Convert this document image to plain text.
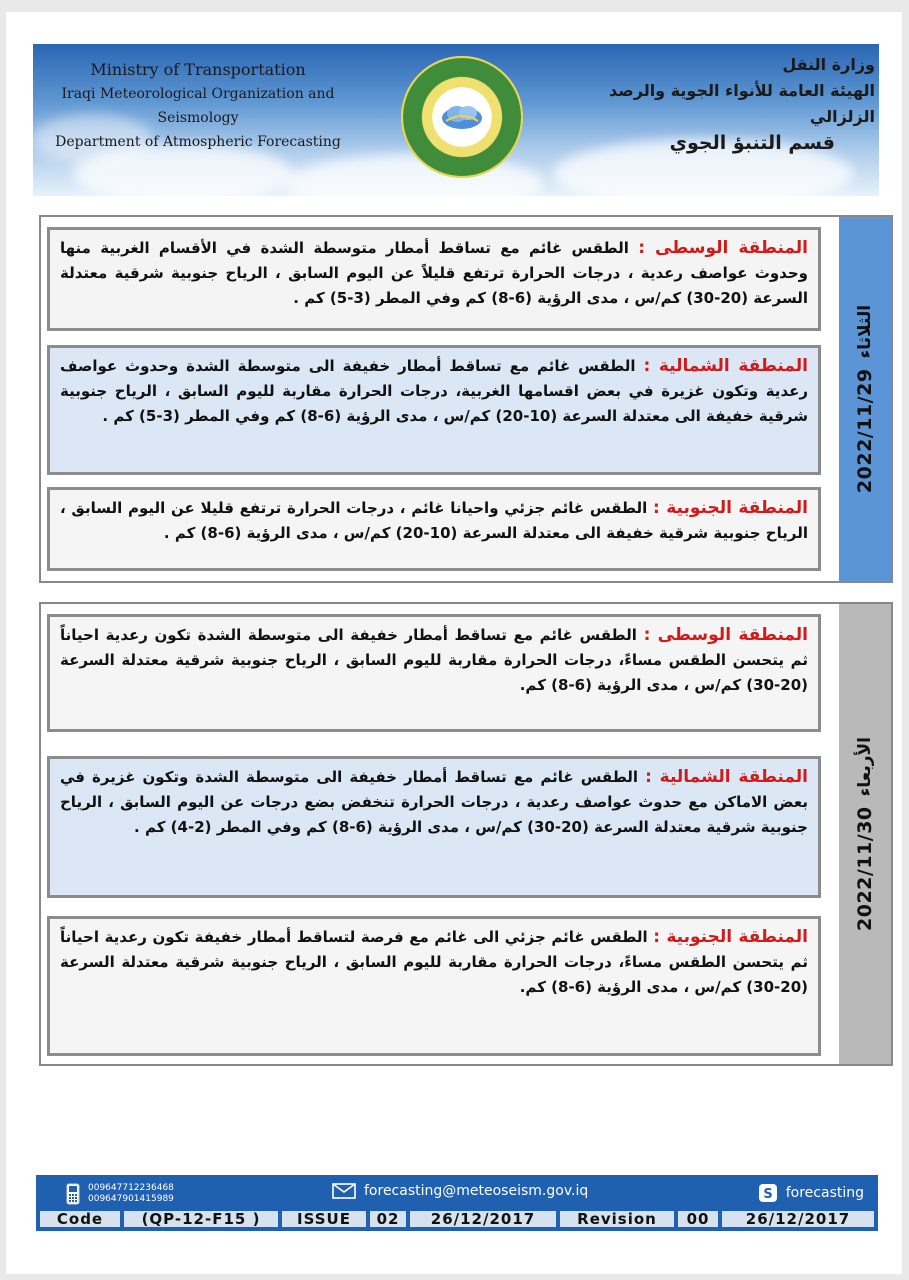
Ministry of Transportation
Iraqi Meteorological Organization and Seismology
Department of Atmospheric Forecasting
وزارة النقل
الهيئة العامة للأنواء الجوية والرصد الزلزالي
قسم التنبؤ الجوي
المنطقة الوسطى : الطقس غائم مع تساقط أمطار متوسطة الشدة في الأقسام الغربية منها وحدوث عواصف رعدية ، درجات الحرارة ترتفع قليلاً عن اليوم السابق ، الرياح جنوبية شرقية معتدلة السرعة (20-30) كم/س ، مدى الرؤية (6-8) كم وفي المطر (3-5) كم .
المنطقة الشمالية : الطقس غائم مع تساقط أمطار خفيفة الى متوسطة الشدة وحدوث عواصف رعدية وتكون غزيرة في بعض اقسامها الغربية، درجات الحرارة مقاربة لليوم السابق ، الرياح جنوبية شرقية خفيفة الى معتدلة السرعة (10-20) كم/س ، مدى الرؤية (6-8) كم وفي المطر (3-5) كم .
المنطقة الجنوبية : الطقس غائم جزئي واحيانا غائم ، درجات الحرارة ترتفع قليلا عن اليوم السابق ، الرياح جنوبية شرقية خفيفة الى معتدلة السرعة (10-20) كم/س ، مدى الرؤية (6-8) كم .
2022/11/29
الثلاثاء
المنطقة الوسطى : الطقس غائم مع تساقط أمطار خفيفة الى متوسطة الشدة تكون رعدية احياناً ثم يتحسن الطقس مساءً، درجات الحرارة مقاربة لليوم السابق ، الرياح جنوبية شرقية معتدلة السرعة (20-30) كم/س ، مدى الرؤية (6-8) كم.
المنطقة الشمالية : الطقس غائم مع تساقط أمطار خفيفة الى متوسطة الشدة وتكون غزيرة في بعض الاماكن مع حدوث عواصف رعدية ، درجات الحرارة تنخفض بضع درجات عن اليوم السابق ، الرياح جنوبية شرقية معتدلة السرعة (20-30) كم/س ، مدى الرؤية (6-8) كم وفي المطر (2-4) كم .
المنطقة الجنوبية : الطقس غائم جزئي الى غائم مع فرصة لتساقط أمطار خفيفة تكون رعدية احياناً ثم يتحسن الطقس مساءً، درجات الحرارة مقاربة لليوم السابق ، الرياح جنوبية شرقية معتدلة السرعة (20-30) كم/س ، مدى الرؤية (6-8) كم.
2022/11/30
الأربعاء
009647712236468
009647901415989	forecasting@meteoseism.gov.iq	S forecasting
Code	(QP-12-F15 )	ISSUE	02	26/12/2017	Revision	00	26/12/2017
